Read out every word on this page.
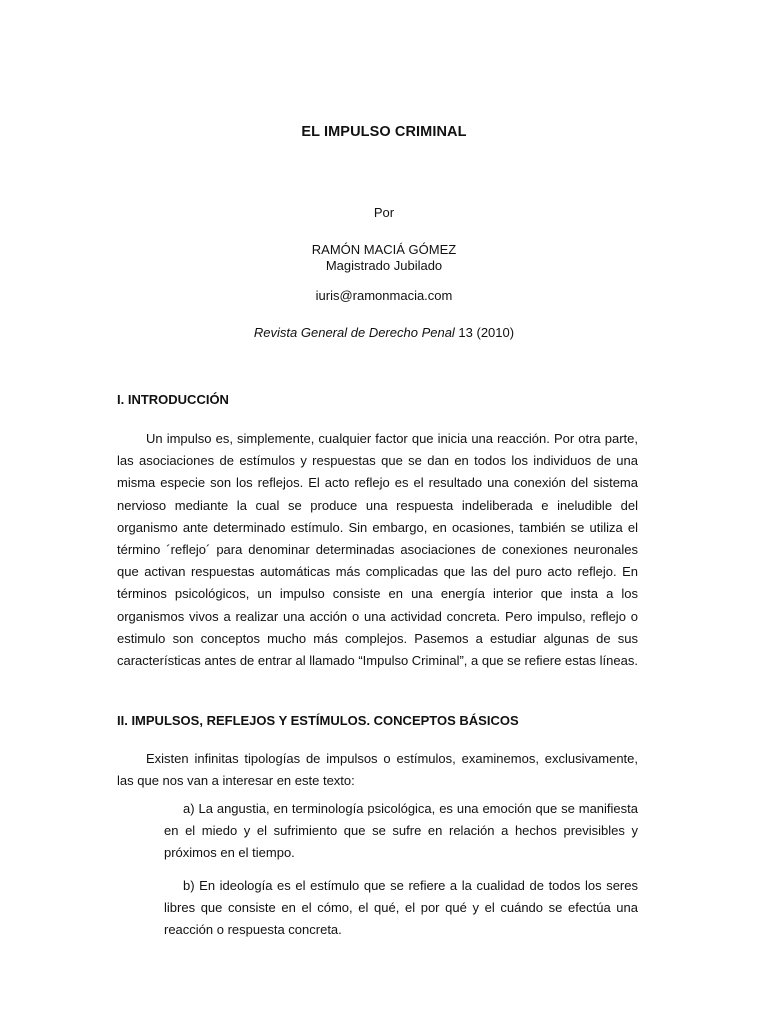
EL IMPULSO CRIMINAL
Por
RAMÓN MACIÁ GÓMEZ
Magistrado Jubilado
iuris@ramonmacia.com
Revista General de Derecho Penal 13 (2010)
I. INTRODUCCIÓN

Un impulso es, simplemente, cualquier factor que inicia una reacción. Por otra parte, las asociaciones de estímulos y respuestas que se dan en todos los individuos de una misma especie son los reflejos. El acto reflejo es el resultado una conexión del sistema nervioso mediante la cual se produce una respuesta indeliberada e ineludible del organismo ante determinado estímulo. Sin embargo, en ocasiones, también se utiliza el término ´reflejo´ para denominar determinadas asociaciones de conexiones neuronales que activan respuestas automáticas más complicadas que las del puro acto reflejo. En términos psicológicos, un impulso consiste en una energía interior que insta a los organismos vivos a realizar una acción o una actividad concreta. Pero impulso, reflejo o estimulo son conceptos mucho más complejos. Pasemos a estudiar algunas de sus características antes de entrar al llamado “Impulso Criminal”, a que se refiere estas líneas.

II. IMPULSOS, REFLEJOS Y ESTÍMULOS. CONCEPTOS BÁSICOS

Existen infinitas tipologías de impulsos o estímulos, examinemos, exclusivamente, las que nos van a interesar en este texto:

a) La angustia, en terminología psicológica, es una emoción que se manifiesta en el miedo y el sufrimiento que se sufre en relación a hechos previsibles y próximos en el tiempo.

b) En ideología es el estímulo que se refiere a la cualidad de todos los seres libres que consiste en el cómo, el qué, el por qué y el cuándo se efectúa una reacción o respuesta concreta.
